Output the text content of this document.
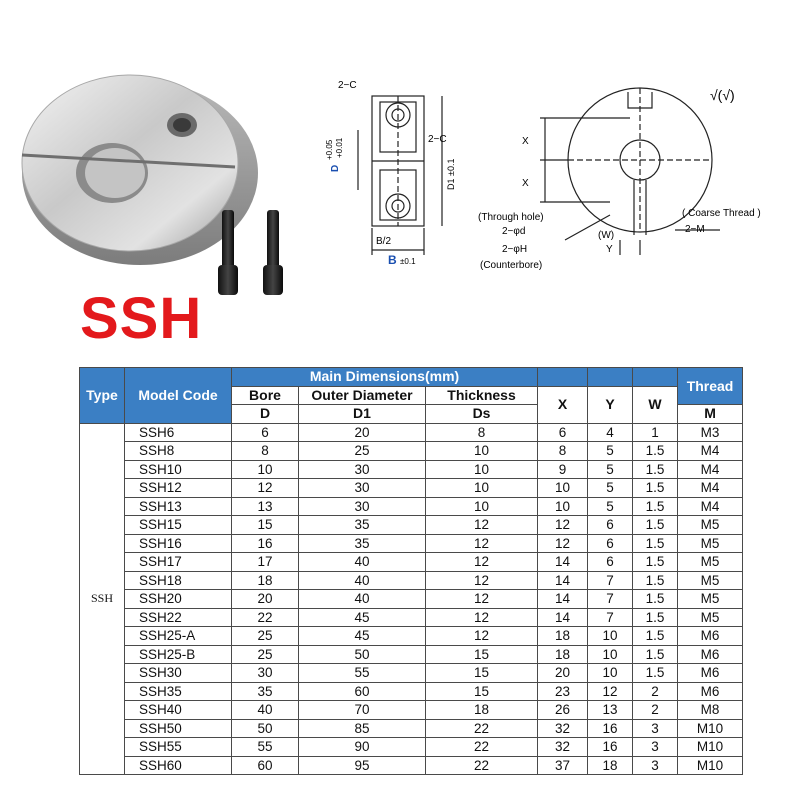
2−C
2−C
D
+0.05 +0.01
D1 ±0.1
B/2
B ±0.1
√(√)
X
X
(Through hole)
2−φd
2−φH
(Counterbore)
( Coarse Thread )
2−M
(W)
Y
SSH
Type	Model Code	Main Dimensions(mm)						Thread
		Bore	Outer Diameter	Thickness	X	Y	W	
		D	D1	Ds				M
SSH	SSH6	6	20	8	6	4	1	M3
	SSH8	8	25	10	8	5	1.5	M4
	SSH10	10	30	10	9	5	1.5	M4
	SSH12	12	30	10	10	5	1.5	M4
	SSH13	13	30	10	10	5	1.5	M4
	SSH15	15	35	12	12	6	1.5	M5
	SSH16	16	35	12	12	6	1.5	M5
	SSH17	17	40	12	14	6	1.5	M5
	SSH18	18	40	12	14	7	1.5	M5
	SSH20	20	40	12	14	7	1.5	M5
	SSH22	22	45	12	14	7	1.5	M5
	SSH25-A	25	45	12	18	10	1.5	M6
	SSH25-B	25	50	15	18	10	1.5	M6
	SSH30	30	55	15	20	10	1.5	M6
	SSH35	35	60	15	23	12	2	M6
	SSH40	40	70	18	26	13	2	M8
	SSH50	50	85	22	32	16	3	M10
	SSH55	55	90	22	32	16	3	M10
	SSH60	60	95	22	37	18	3	M10
